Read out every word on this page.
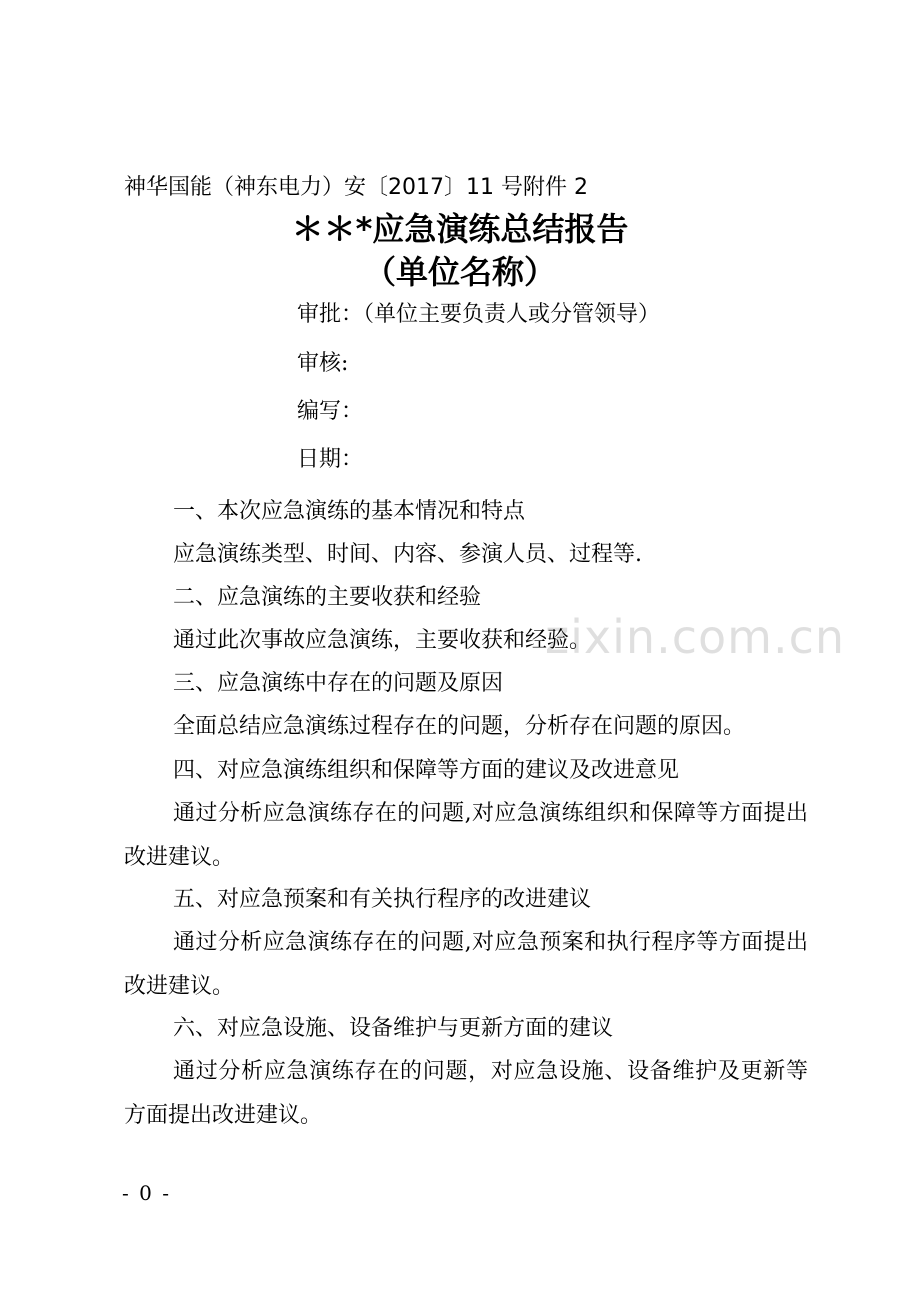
神华国能（神东电力）安〔2017〕11 号附件 2
＊＊*应急演练总结报告
（单位名称）
审批：（单位主要负责人或分管领导）
审核:
编写：
日期：
一、本次应急演练的基本情况和特点
应急演练类型、时间、内容、参演人员、过程等.
二、应急演练的主要收获和经验
通过此次事故应急演练，主要收获和经验。
三、应急演练中存在的问题及原因
全面总结应急演练过程存在的问题，分析存在问题的原因。
四、对应急演练组织和保障等方面的建议及改进意见
通过分析应急演练存在的问题,对应急演练组织和保障等方面提出改进建议。
五、对应急预案和有关执行程序的改进建议
通过分析应急演练存在的问题,对应急预案和执行程序等方面提出改进建议。
六、对应急设施、设备维护与更新方面的建议
通过分析应急演练存在的问题，对应急设施、设备维护及更新等方面提出改进建议。
zixin.com.cn
- 0 -
